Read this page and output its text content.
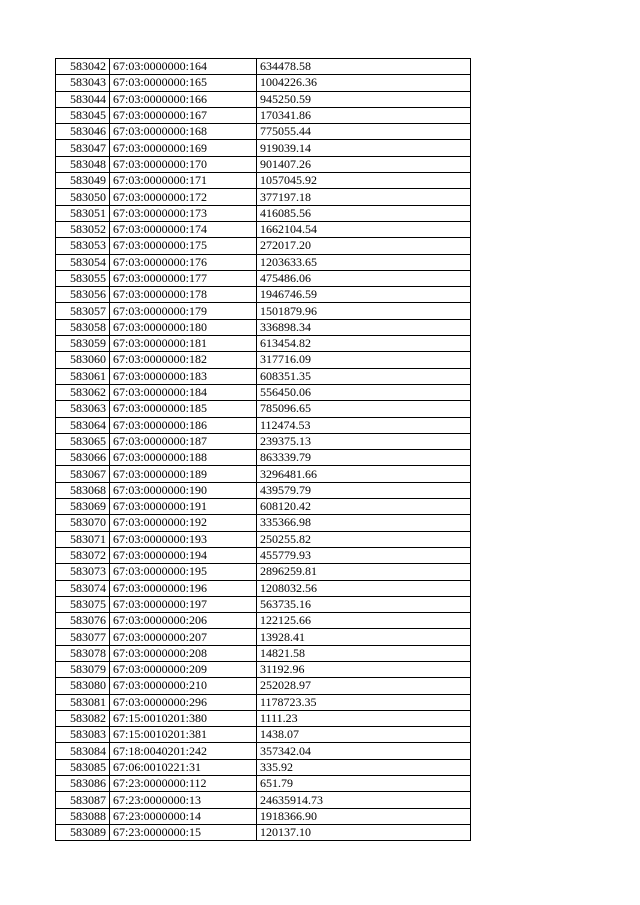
583042	67:03:0000000:164	634478.58
583043	67:03:0000000:165	1004226.36
583044	67:03:0000000:166	945250.59
583045	67:03:0000000:167	170341.86
583046	67:03:0000000:168	775055.44
583047	67:03:0000000:169	919039.14
583048	67:03:0000000:170	901407.26
583049	67:03:0000000:171	1057045.92
583050	67:03:0000000:172	377197.18
583051	67:03:0000000:173	416085.56
583052	67:03:0000000:174	1662104.54
583053	67:03:0000000:175	272017.20
583054	67:03:0000000:176	1203633.65
583055	67:03:0000000:177	475486.06
583056	67:03:0000000:178	1946746.59
583057	67:03:0000000:179	1501879.96
583058	67:03:0000000:180	336898.34
583059	67:03:0000000:181	613454.82
583060	67:03:0000000:182	317716.09
583061	67:03:0000000:183	608351.35
583062	67:03:0000000:184	556450.06
583063	67:03:0000000:185	785096.65
583064	67:03:0000000:186	112474.53
583065	67:03:0000000:187	239375.13
583066	67:03:0000000:188	863339.79
583067	67:03:0000000:189	3296481.66
583068	67:03:0000000:190	439579.79
583069	67:03:0000000:191	608120.42
583070	67:03:0000000:192	335366.98
583071	67:03:0000000:193	250255.82
583072	67:03:0000000:194	455779.93
583073	67:03:0000000:195	2896259.81
583074	67:03:0000000:196	1208032.56
583075	67:03:0000000:197	563735.16
583076	67:03:0000000:206	122125.66
583077	67:03:0000000:207	13928.41
583078	67:03:0000000:208	14821.58
583079	67:03:0000000:209	31192.96
583080	67:03:0000000:210	252028.97
583081	67:03:0000000:296	1178723.35
583082	67:15:0010201:380	1111.23
583083	67:15:0010201:381	1438.07
583084	67:18:0040201:242	357342.04
583085	67:06:0010221:31	335.92
583086	67:23:0000000:112	651.79
583087	67:23:0000000:13	24635914.73
583088	67:23:0000000:14	1918366.90
583089	67:23:0000000:15	120137.10
